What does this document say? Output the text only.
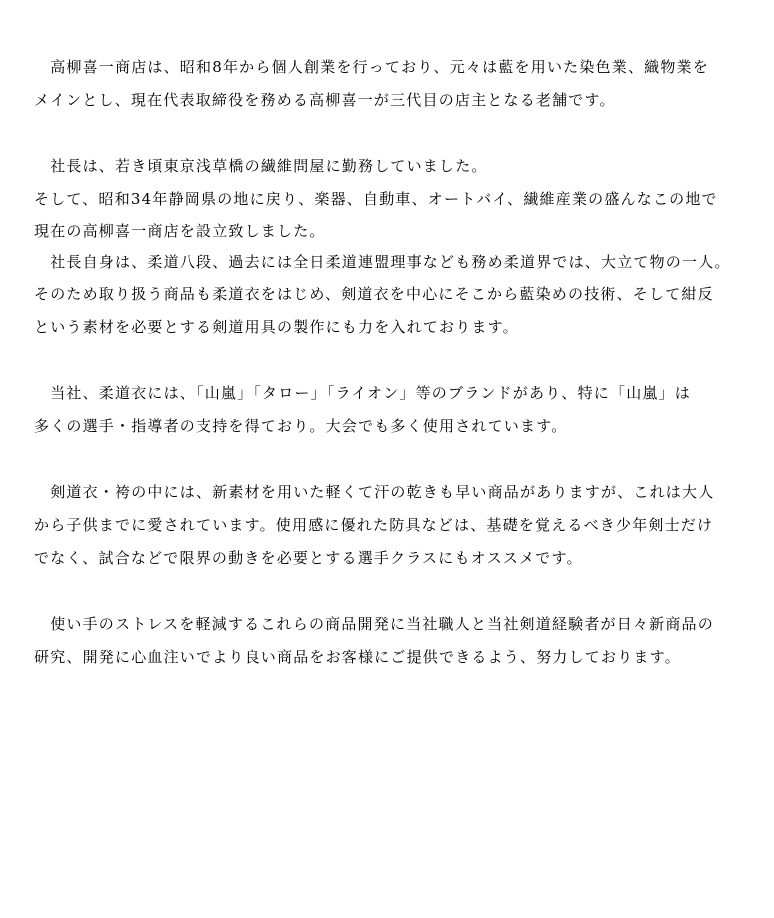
　高柳喜一商店は、昭和8年から個人創業を行っており、元々は藍を用いた染色業、織物業を
メインとし、現在代表取締役を務める高柳喜一が三代目の店主となる老舗です。
　社長は、若き頃東京浅草橋の繊維問屋に勤務していました。
そして、昭和34年静岡県の地に戻り、楽器、自動車、オートバイ、繊維産業の盛んなこの地で
現在の高柳喜一商店を設立致しました。
　社長自身は、柔道八段、過去には全日柔道連盟理事なども務め柔道界では、大立て物の一人。
そのため取り扱う商品も柔道衣をはじめ、剣道衣を中心にそこから藍染めの技術、そして紺反
という素材を必要とする剣道用具の製作にも力を入れております。
　当社、柔道衣には、「山嵐」「タロー」「ライオン」等のブランドがあり、特に「山嵐」は
多くの選手・指導者の支持を得ており。大会でも多く使用されています。
　剣道衣・袴の中には、新素材を用いた軽くて汗の乾きも早い商品がありますが、これは大人
から子供までに愛されています。使用感に優れた防具などは、基礎を覚えるべき少年剣士だけ
でなく、試合などで限界の動きを必要とする選手クラスにもオススメです。
　使い手のストレスを軽減するこれらの商品開発に当社職人と当社剣道経験者が日々新商品の
研究、開発に心血注いでより良い商品をお客様にご提供できるよう、努力しております。
